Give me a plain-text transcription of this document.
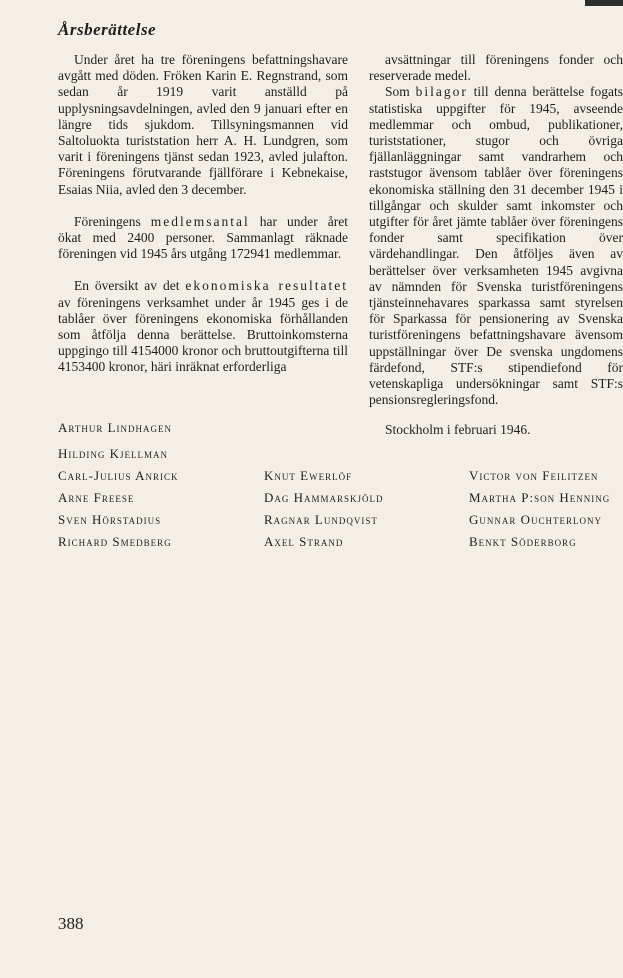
Årsberättelse

Under året ha tre föreningens befattningshavare avgått med döden. Fröken Karin E. Regnstrand, som sedan år 1919 varit anställd på upplysningsavdelningen, avled den 9 januari efter en längre tids sjukdom. Tillsyningsmannen vid Saltoluokta turiststation herr A. H. Lundgren, som varit i föreningens tjänst sedan 1923, avled julafton. Föreningens förutvarande fjällförare i Kebnekaise, Esaias Niia, avled den 3 december.

Föreningens medlemsantal har under året ökat med 2400 personer. Sammanlagt räknade föreningen vid 1945 års utgång 172941 medlemmar.

En översikt av det ekonomiska resultatet av föreningens verksamhet under år 1945 ges i de tablåer över föreningens ekonomiska förhållanden som åtfölja denna berättelse. Bruttoinkomsterna uppgingo till 4154000 kronor och bruttoutgifterna till 4153400 kronor, häri inräknat erforderliga

avsättningar till föreningens fonder och reserverade medel.

Som bilagor till denna berättelse fogats statistiska uppgifter för 1945, avseende medlemmar och ombud, publikationer, turiststationer, stugor och övriga fjällanläggningar samt vandrarhem och raststugor ävensom tablåer över föreningens ekonomiska ställning den 31 december 1945 i tillgångar och skulder samt inkomster och utgifter för året jämte tablåer över föreningens fonder samt specifikation över värdehandlingar. Den åtföljes även av berättelser över verksamheten 1945 avgivna av nämnden för Svenska turistföreningens tjänsteinnehavares sparkassa samt styrelsen för Sparkassa för pensionering av Svenska turistföreningens befattningshavare ävensom uppställningar över De svenska ungdomens färdefond, STF:s stipendiefond för vetenskapliga undersökningar samt STF:s pensionsregleringsfond.

Stockholm i februari 1946.

Arthur Lindhagen
Hilding Kjellman
Carl-Julius Anrick
Arne Freese
Sven Hörstadius
Richard Smedberg
Knut Ewerlöf
Dag Hammarskjöld
Ragnar Lundqvist
Axel Strand
Victor von Feilitzen
Martha P:son Henning
Gunnar Ouchterlony
Benkt Söderborg
388
